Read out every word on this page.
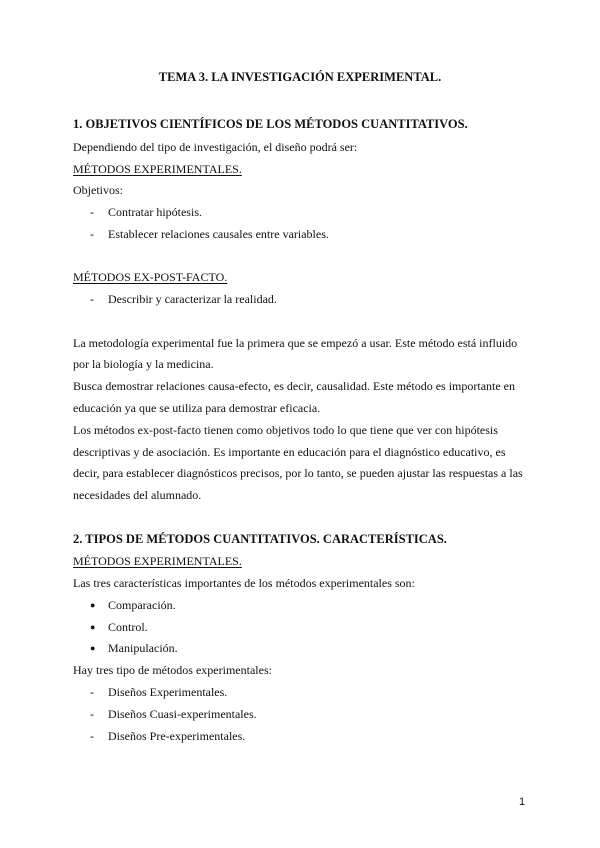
TEMA 3. LA INVESTIGACIÓN EXPERIMENTAL.
1. OBJETIVOS CIENTÍFICOS DE LOS MÉTODOS CUANTITATIVOS.
Dependiendo del tipo de investigación, el diseño podrá ser:
MÉTODOS EXPERIMENTALES.
Objetivos:
- Contratar hipótesis.
- Establecer relaciones causales entre variables.
MÉTODOS EX-POST-FACTO.
- Describir y caracterizar la realidad.
La metodología experimental fue la primera que se empezó a usar. Este método está influido
por la biología y la medicina.
Busca demostrar relaciones causa-efecto, es decir, causalidad. Este método es importante en
educación ya que se utiliza para demostrar eficacia.
Los métodos ex-post-facto tienen como objetivos todo lo que tiene que ver con hipótesis
descriptivas y de asociación. Es importante en educación para el diagnóstico educativo, es
decir, para establecer diagnósticos precisos, por lo tanto, se pueden ajustar las respuestas a las
necesidades del alumnado.
2. TIPOS DE MÉTODOS CUANTITATIVOS. CARACTERÍSTICAS.
MÉTODOS EXPERIMENTALES.
Las tres características importantes de los métodos experimentales son:
● Comparación.
● Control.
● Manipulación.
Hay tres tipo de métodos experimentales:
- Diseños Experimentales.
- Diseños Cuasi-experimentales.
- Diseños Pre-experimentales.
1
